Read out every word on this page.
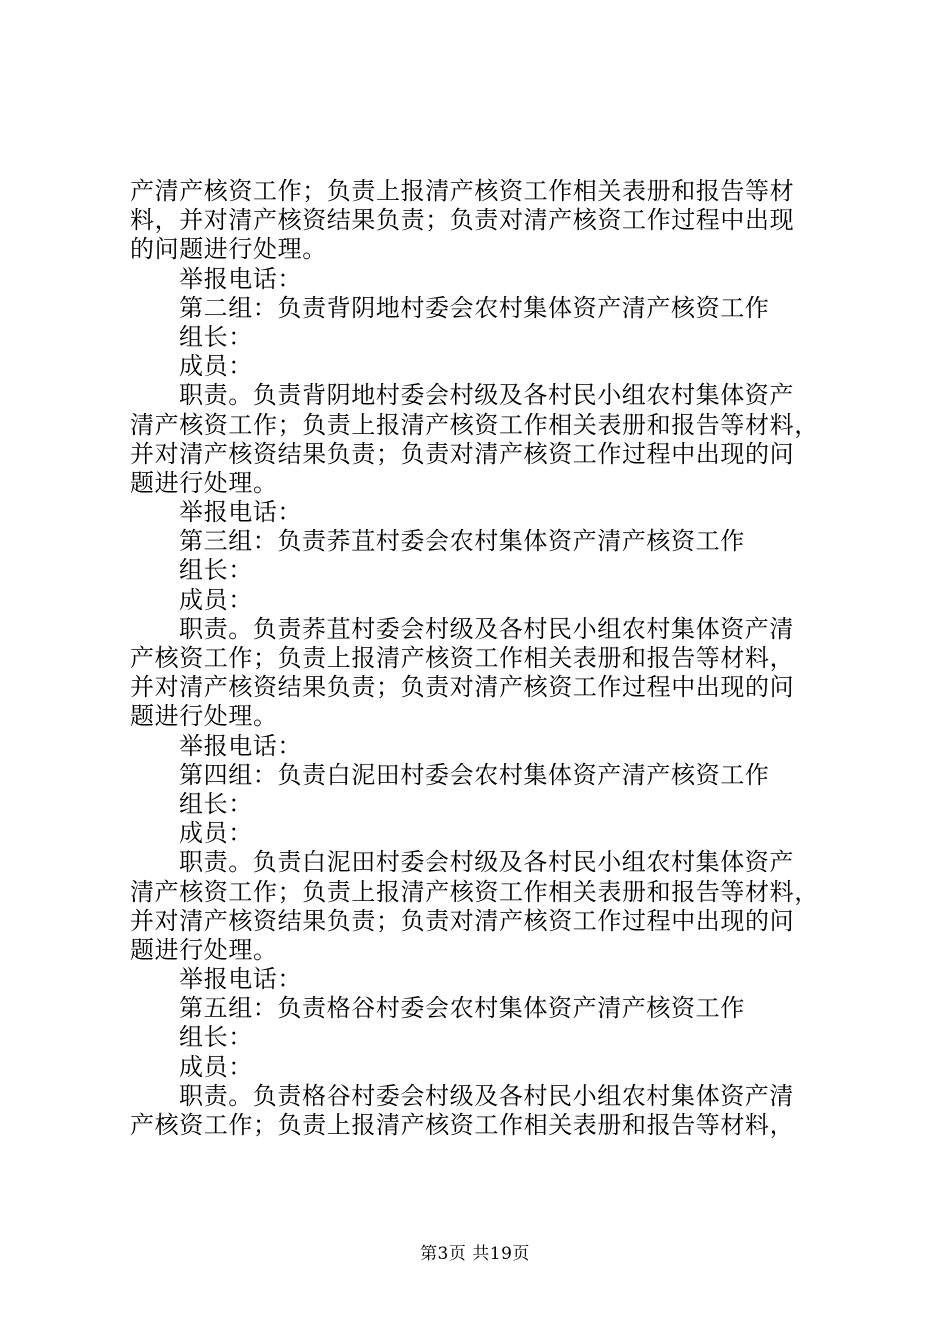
产清产核资工作；负责上报清产核资工作相关表册和报告等材
料，并对清产核资结果负责；负责对清产核资工作过程中出现
的问题进行处理。
举报电话：
第二组：负责背阴地村委会农村集体资产清产核资工作
组长：
成员：
职责。负责背阴地村委会村级及各村民小组农村集体资产
清产核资工作；负责上报清产核资工作相关表册和报告等材料，
并对清产核资结果负责；负责对清产核资工作过程中出现的问
题进行处理。
举报电话：
第三组：负责荞苴村委会农村集体资产清产核资工作
组长：
成员：
职责。负责荞苴村委会村级及各村民小组农村集体资产清
产核资工作；负责上报清产核资工作相关表册和报告等材料，
并对清产核资结果负责；负责对清产核资工作过程中出现的问
题进行处理。
举报电话：
第四组：负责白泥田村委会农村集体资产清产核资工作
组长：
成员：
职责。负责白泥田村委会村级及各村民小组农村集体资产
清产核资工作；负责上报清产核资工作相关表册和报告等材料，
并对清产核资结果负责；负责对清产核资工作过程中出现的问
题进行处理。
举报电话：
第五组：负责格谷村委会农村集体资产清产核资工作
组长：
成员：
职责。负责格谷村委会村级及各村民小组农村集体资产清
产核资工作；负责上报清产核资工作相关表册和报告等材料，
第3页 共19页
